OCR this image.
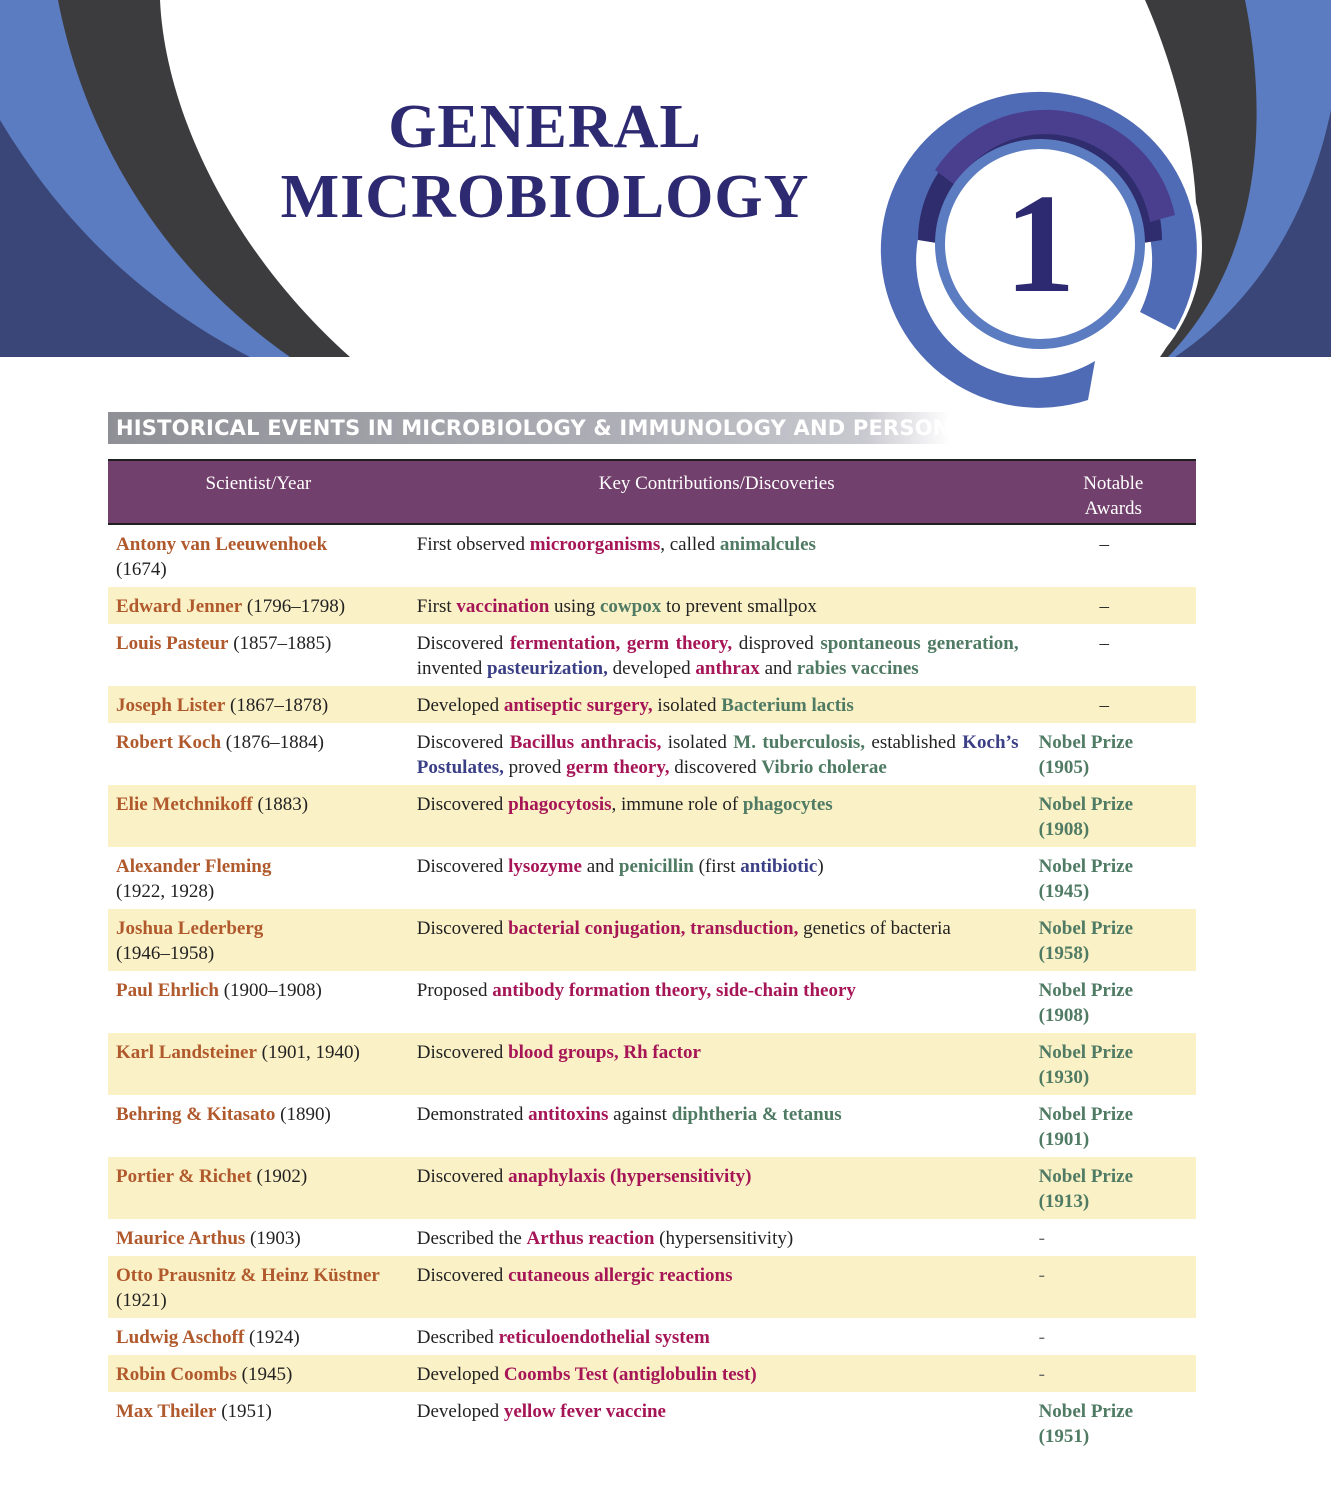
GENERAL
MICROBIOLOGY	1
HISTORICAL EVENTS IN MICROBIOLOGY & IMMUNOLOGY AND PERSONS
Scientist/Year	Key Contributions/Discoveries	Notable Awards
Antony van Leeuwenhoek
(1674)	First observed microorganisms, called animalcules	–

Edward Jenner (1796–1798)	First vaccination using cowpox to prevent smallpox	–

Louis Pasteur (1857–1885)	Discovered fermentation, germ theory, disproved spontaneous generation, invented pasteurization, developed anthrax and rabies vaccines	–

Joseph Lister (1867–1878)	Developed antiseptic surgery, isolated Bacterium lactis	–

Robert Koch (1876–1884)	Discovered Bacillus anthracis, isolated M. tuberculosis, established Koch’s Postulates, proved germ theory, discovered Vibrio cholerae	Nobel Prize (1905)
Elie Metchnikoff (1883)	Discovered phagocytosis, immune role of phagocytes	Nobel Prize (1908)
Alexander Fleming
(1922, 1928)	Discovered lysozyme and penicillin (first antibiotic)	Nobel Prize (1945)
Joshua Lederberg
(1946–1958)	Discovered bacterial conjugation, transduction, genetics of bacteria	Nobel Prize (1958)
Paul Ehrlich (1900–1908)	Proposed antibody formation theory, side-chain theory	Nobel Prize (1908)
Karl Landsteiner (1901, 1940)	Discovered blood groups, Rh factor	Nobel Prize (1930)
Behring & Kitasato (1890)	Demonstrated antitoxins against diphtheria & tetanus	Nobel Prize (1901)
Portier & Richet (1902)	Discovered anaphylaxis (hypersensitivity)	Nobel Prize (1913)
Maurice Arthus (1903)	Described the Arthus reaction (hypersensitivity)	-
Otto Prausnitz & Heinz Küstner (1921)	Discovered cutaneous allergic reactions	-
Ludwig Aschoff (1924)	Described reticuloendothelial system	-
Robin Coombs (1945)	Developed Coombs Test (antiglobulin test)	-
Max Theiler (1951)	Developed yellow fever vaccine	Nobel Prize (1951)
